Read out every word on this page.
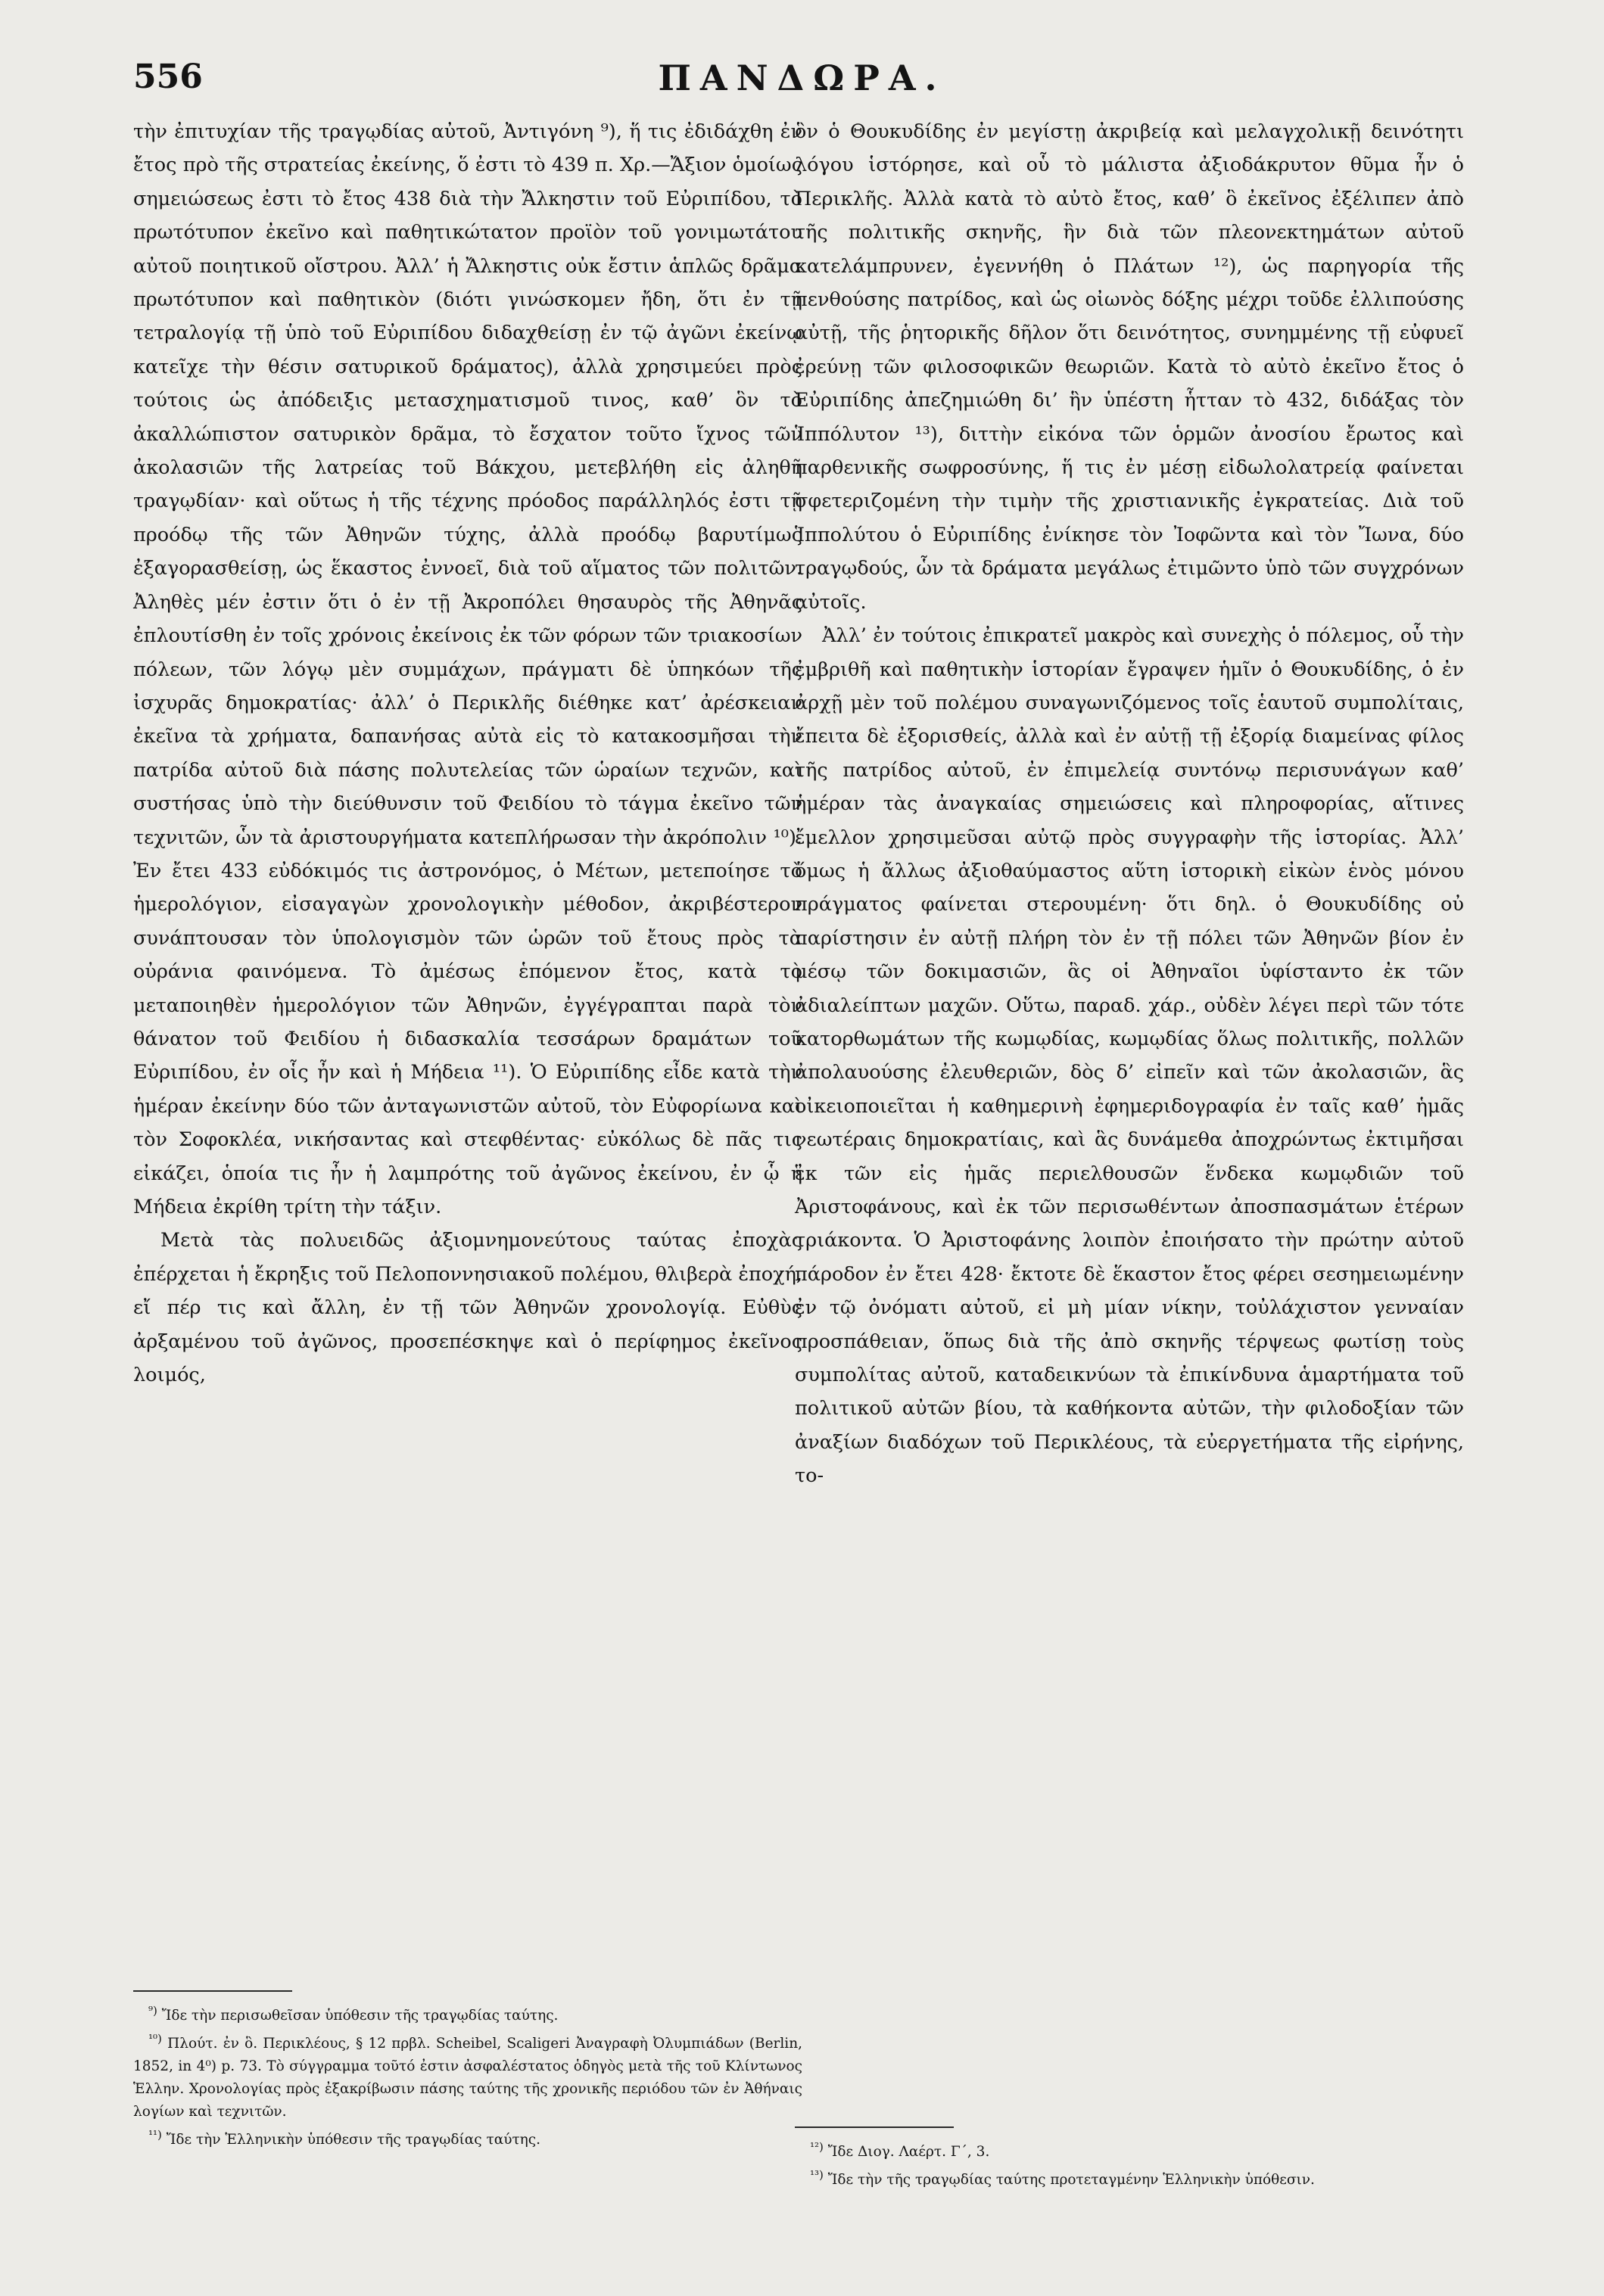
556	ΠΑΝΔΩΡΑ.

τὴν ἐπιτυχίαν τῆς τραγῳδίας αὐτοῦ, Ἀντιγόνη ⁹), ἥ τις ἐδιδάχθη ἐν ἔτος πρὸ τῆς στρατείας ἐκείνης, ὅ ἐστι τὸ 439 π. Χρ.—Ἄξιον ὁμοίως σημειώσεως ἐστι τὸ ἔτος 438 διὰ τὴν Ἄλκηστιν τοῦ Εὐριπίδου, τὸ πρωτότυπον ἐκεῖνο καὶ παθητικώτατον προϊὸν τοῦ γονιμωτάτου αὐτοῦ ποιητικοῦ οἴστρου. Ἀλλ’ ἡ Ἄλκηστις οὐκ ἔστιν ἁπλῶς δρᾶμα πρωτότυπον καὶ παθητικὸν (διότι γινώσκομεν ἤδη, ὅτι ἐν τῇ τετραλογίᾳ τῇ ὑπὸ τοῦ Εὐριπίδου διδαχθείσῃ ἐν τῷ ἀγῶνι ἐκείνῳ κατεῖχε τὴν θέσιν σατυρικοῦ δράματος), ἀλλὰ χρησιμεύει πρὸς τούτοις ὡς ἀπόδειξις μετασχηματισμοῦ τινος, καθ’ ὃν τὸ ἀκαλλώπιστον σατυρικὸν δρᾶμα, τὸ ἔσχατον τοῦτο ἴχνος τῶν ἀκολασιῶν τῆς λατρείας τοῦ Βάκχου, μετεβλήθη εἰς ἀληθῆ τραγῳδίαν· καὶ οὕτως ἡ τῆς τέχνης πρόοδος παράλληλός ἐστι τῇ προόδῳ τῆς τῶν Ἀθηνῶν τύχης, ἀλλὰ προόδῳ βαρυτίμως ἐξαγορασθείσῃ, ὡς ἕκαστος ἐννοεῖ, διὰ τοῦ αἵματος τῶν πολιτῶν. Ἀληθὲς μέν ἐστιν ὅτι ὁ ἐν τῇ Ἀκροπόλει θησαυρὸς τῆς Ἀθηνᾶς ἐπλουτίσθη ἐν τοῖς χρόνοις ἐκείνοις ἐκ τῶν φόρων τῶν τριακοσίων πόλεων, τῶν λόγῳ μὲν συμμάχων, πράγματι δὲ ὑπηκόων τῆς ἰσχυρᾶς δημοκρατίας· ἀλλ’ ὁ Περικλῆς διέθηκε κατ’ ἀρέσκειαν ἐκεῖνα τὰ χρήματα, δαπανήσας αὐτὰ εἰς τὸ κατακοσμῆσαι τὴν πατρίδα αὐτοῦ διὰ πάσης πολυτελείας τῶν ὡραίων τεχνῶν, καὶ συστήσας ὑπὸ τὴν διεύθυνσιν τοῦ Φειδίου τὸ τάγμα ἐκεῖνο τῶν τεχνιτῶν, ὧν τὰ ἀριστουργήματα κατεπλήρωσαν τὴν ἀκρόπολιν ¹⁰). Ἐν ἔτει 433 εὐδόκιμός τις ἀστρονόμος, ὁ Μέτων, μετεποίησε τὸ ἡμερολόγιον, εἰσαγαγὼν χρονολογικὴν μέθοδον, ἀκριβέστερον συνάπτουσαν τὸν ὑπολογισμὸν τῶν ὡρῶν τοῦ ἔτους πρὸς τὰ οὐράνια φαινόμενα. Τὸ ἀμέσως ἑπόμενον ἔτος, κατὰ τὸ μεταποιηθὲν ἡμερολόγιον τῶν Ἀθηνῶν, ἐγγέγραπται παρὰ τὸν θάνατον τοῦ Φειδίου ἡ διδασκαλία τεσσάρων δραμάτων τοῦ Εὐριπίδου, ἐν οἷς ἦν καὶ ἡ Μήδεια ¹¹). Ὁ Εὐριπίδης εἶδε κατὰ τὴν ἡμέραν ἐκείνην δύο τῶν ἀνταγωνιστῶν αὐτοῦ, τὸν Εὐφορίωνα καὶ τὸν Σοφοκλέα, νικήσαντας καὶ στεφθέντας· εὐκόλως δὲ πᾶς τις εἰκάζει, ὁποία τις ἦν ἡ λαμπρότης τοῦ ἀγῶνος ἐκείνου, ἐν ᾧ ἡ Μήδεια ἐκρίθη τρίτη τὴν τάξιν.

Μετὰ τὰς πολυειδῶς ἀξιομνημονεύτους ταύτας ἐποχὰς ἐπέρχεται ἡ ἔκρηξις τοῦ Πελοποννησιακοῦ πολέμου, θλιβερὰ ἐποχή, εἴ πέρ τις καὶ ἄλλη, ἐν τῇ τῶν Ἀθηνῶν χρονολογίᾳ. Εὐθὺς ἀρξαμένου τοῦ ἀγῶνος, προσεπέσκηψε καὶ ὁ περίφημος ἐκεῖνος λοιμός,

ὃν ὁ Θουκυδίδης ἐν μεγίστῃ ἀκριβείᾳ καὶ μελαγχολικῇ δεινότητι λόγου ἱστόρησε, καὶ οὗ τὸ μάλιστα ἀξιοδάκρυτον θῦμα ἦν ὁ Περικλῆς. Ἀλλὰ κατὰ τὸ αὐτὸ ἔτος, καθ’ ὃ ἐκεῖνος ἐξέλιπεν ἀπὸ τῆς πολιτικῆς σκηνῆς, ἣν διὰ τῶν πλεονεκτημάτων αὐτοῦ κατελάμπρυνεν, ἐγεννήθη ὁ Πλάτων ¹²), ὡς παρηγορία τῆς πενθούσης πατρίδος, καὶ ὡς οἰωνὸς δόξης μέχρι τοῦδε ἐλλιπούσης αὐτῇ, τῆς ῥητορικῆς δῆλον ὅτι δεινότητος, συνημμένης τῇ εὐφυεῖ ἐρεύνῃ τῶν φιλοσοφικῶν θεωριῶν. Κατὰ τὸ αὐτὸ ἐκεῖνο ἔτος ὁ Εὐριπίδης ἀπεζημιώθη δι’ ἣν ὑπέστη ἧτταν τὸ 432, διδάξας τὸν Ἱππόλυτον ¹³), διττὴν εἰκόνα τῶν ὁρμῶν ἀνοσίου ἔρωτος καὶ παρθενικῆς σωφροσύνης, ἥ τις ἐν μέσῃ εἰδωλολατρείᾳ φαίνεται σφετεριζομένη τὴν τιμὴν τῆς χριστιανικῆς ἐγκρατείας. Διὰ τοῦ Ἱππολύτου ὁ Εὐριπίδης ἐνίκησε τὸν Ἰοφῶντα καὶ τὸν Ἴωνα, δύο τραγῳδούς, ὧν τὰ δράματα μεγάλως ἐτιμῶντο ὑπὸ τῶν συγχρόνων αὐτοῖς.

Ἀλλ’ ἐν τούτοις ἐπικρατεῖ μακρὸς καὶ συνεχὴς ὁ πόλεμος, οὗ τὴν ἐμβριθῆ καὶ παθητικὴν ἱστορίαν ἔγραψεν ἡμῖν ὁ Θουκυδίδης, ὁ ἐν ἀρχῇ μὲν τοῦ πολέμου συναγωνιζόμενος τοῖς ἑαυτοῦ συμπολίταις, ἔπειτα δὲ ἐξορισθείς, ἀλλὰ καὶ ἐν αὐτῇ τῇ ἐξορίᾳ διαμείνας φίλος τῆς πατρίδος αὐτοῦ, ἐν ἐπιμελείᾳ συντόνῳ περισυνάγων καθ’ ἡμέραν τὰς ἀναγκαίας σημειώσεις καὶ πληροφορίας, αἵτινες ἔμελλον χρησιμεῦσαι αὐτῷ πρὸς συγγραφὴν τῆς ἱστορίας. Ἀλλ’ ὅμως ἡ ἄλλως ἀξιοθαύμαστος αὕτη ἱστορικὴ εἰκὼν ἑνὸς μόνου πράγματος φαίνεται στερουμένη· ὅτι δηλ. ὁ Θουκυδίδης οὐ παρίστησιν ἐν αὐτῇ πλήρη τὸν ἐν τῇ πόλει τῶν Ἀθηνῶν βίον ἐν μέσῳ τῶν δοκιμασιῶν, ἃς οἱ Ἀθηναῖοι ὑφίσταντο ἐκ τῶν ἀδιαλείπτων μαχῶν. Οὕτω, παραδ. χάρ., οὐδὲν λέγει περὶ τῶν τότε κατορθωμάτων τῆς κωμῳδίας, κωμῳδίας ὅλως πολιτικῆς, πολλῶν ἀπολαυούσης ἐλευθεριῶν, δὸς δ’ εἰπεῖν καὶ τῶν ἀκολασιῶν, ἃς οἰκειοποιεῖται ἡ καθημερινὴ ἐφημεριδογραφία ἐν ταῖς καθ’ ἡμᾶς νεωτέραις δημοκρατίαις, καὶ ἃς δυνάμεθα ἀποχρώντως ἐκτιμῆσαι ἐκ τῶν εἰς ἡμᾶς περιελθουσῶν ἕνδεκα κωμῳδιῶν τοῦ Ἀριστοφάνους, καὶ ἐκ τῶν περισωθέντων ἀποσπασμάτων ἑτέρων τριάκοντα. Ὁ Ἀριστοφάνης λοιπὸν ἐποιήσατο τὴν πρώτην αὐτοῦ πάροδον ἐν ἔτει 428· ἔκτοτε δὲ ἕκαστον ἔτος φέρει σεσημειωμένην ἐν τῷ ὀνόματι αὐτοῦ, εἰ μὴ μίαν νίκην, τοὐλάχιστον γενναίαν προσπάθειαν, ὅπως διὰ τῆς ἀπὸ σκηνῆς τέρψεως φωτίσῃ τοὺς συμπολίτας αὐτοῦ, καταδεικνύων τὰ ἐπικίνδυνα ἁμαρτήματα τοῦ πολιτικοῦ αὐτῶν βίου, τὰ καθήκοντα αὐτῶν, τὴν φιλοδοξίαν τῶν ἀναξίων διαδόχων τοῦ Περικλέους, τὰ εὐεργετήματα τῆς εἰρήνης, το-

$^{^9)}$ Ἴδε τὴν περισωθεῖσαν ὑπόθεσιν τῆς τραγῳδίας ταύτης.

$^{^{10})}$ Πλούτ. ἐν ὃ. Περικλέους, § 12 πρβλ. Scheibel, Scaligeri Ἀναγραφὴ Ὀλυμπιάδων (Berlin, 1852, in 4⁰) p. 73. Τὸ σύγγραμμα τοῦτό ἐστιν ἀσφαλέστατος ὁδηγὸς μετὰ τῆς τοῦ Κλίντωνος Ἑλλην. Χρονολογίας πρὸς ἐξακρίβωσιν πάσης ταύτης τῆς χρονικῆς περιόδου τῶν ἐν Ἀθήναις λογίων καὶ τεχνιτῶν.

$^{^{11})}$ Ἴδε τὴν Ἑλληνικὴν ὑπόθεσιν τῆς τραγῳδίας ταύτης.	$^{^{12})}$ Ἴδε Διογ. Λαέρτ. Γ΄, 3.

$^{^{13})}$ Ἴδε τὴν τῆς τραγῳδίας ταύτης προτεταγμένην Ἑλληνικὴν ὑπόθεσιν.
